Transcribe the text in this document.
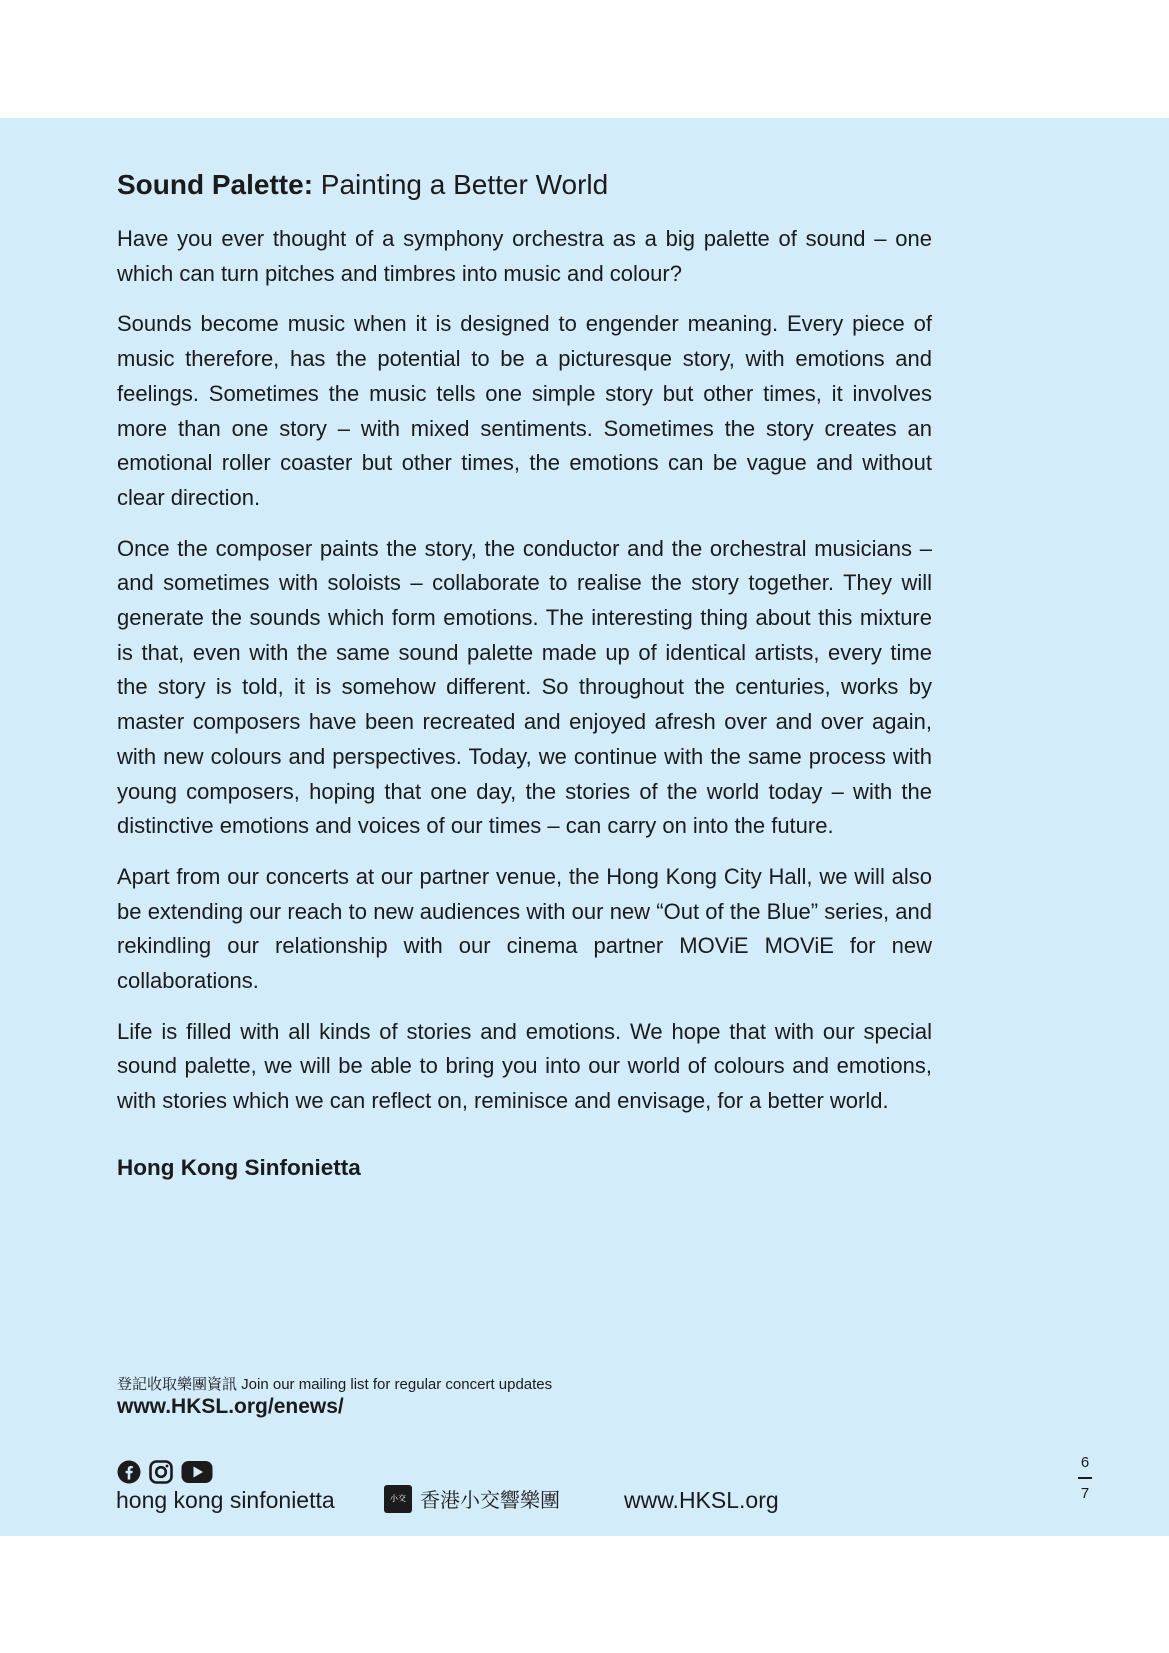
Sound Palette: Painting a Better World

Have you ever thought of a symphony orchestra as a big palette of sound – one which can turn pitches and timbres into music and colour?

Sounds become music when it is designed to engender meaning. Every piece of music therefore, has the potential to be a picturesque story, with emotions and feelings. Sometimes the music tells one simple story but other times, it involves more than one story – with mixed sentiments. Sometimes the story creates an emotional roller coaster but other times, the emotions can be vague and without clear direction.

Once the composer paints the story, the conductor and the orchestral musicians – and sometimes with soloists – collaborate to realise the story together. They will generate the sounds which form emotions. The interesting thing about this mixture is that, even with the same sound palette made up of identical artists, every time the story is told, it is somehow different. So throughout the centuries, works by master composers have been recreated and enjoyed afresh over and over again, with new colours and perspectives. Today, we continue with the same process with young composers, hoping that one day, the stories of the world today – with the distinctive emotions and voices of our times – can carry on into the future.

Apart from our concerts at our partner venue, the Hong Kong City Hall, we will also be extending our reach to new audiences with our new “Out of the Blue” series, and rekindling our relationship with our cinema partner MOViE MOViE for new collaborations.

Life is filled with all kinds of stories and emotions. We hope that with our special sound palette, we will be able to bring you into our world of colours and emotions, with stories which we can reflect on, reminisce and envisage, for a better world.

Hong Kong Sinfonietta
登記收取樂團資訊 Join our mailing list for regular concert updates
www.HKSL.org/enews/
hong kong sinfonietta	小交 香港小交響樂團	www.HKSL.org
6
7
